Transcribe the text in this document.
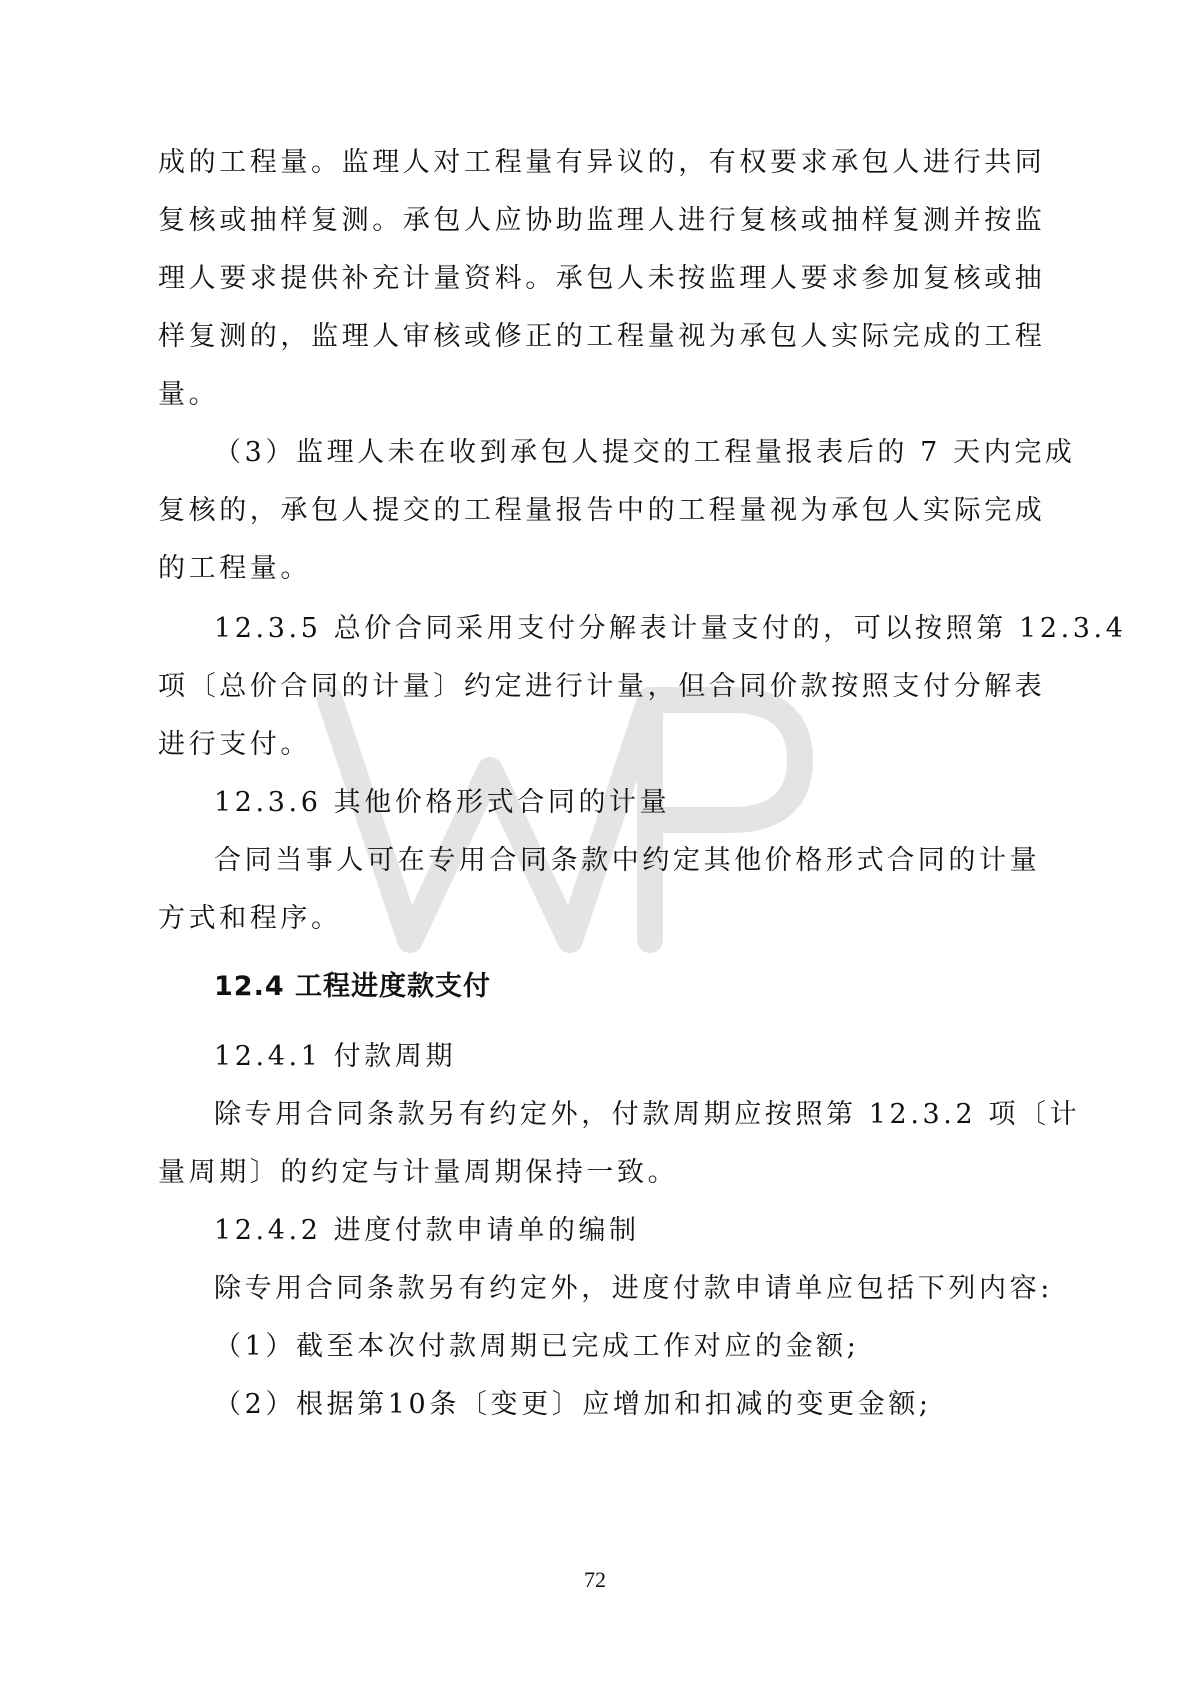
成的工程量。监理人对工程量有异议的，有权要求承包人进行共同
复核或抽样复测。承包人应协助监理人进行复核或抽样复测并按监
理人要求提供补充计量资料。承包人未按监理人要求参加复核或抽
样复测的，监理人审核或修正的工程量视为承包人实际完成的工程
量。
（3）监理人未在收到承包人提交的工程量报表后的 7 天内完成
复核的，承包人提交的工程量报告中的工程量视为承包人实际完成
的工程量。
12.3.5 总价合同采用支付分解表计量支付的，可以按照第 12.3.4
项〔总价合同的计量〕约定进行计量，但合同价款按照支付分解表
进行支付。
12.3.6 其他价格形式合同的计量
合同当事人可在专用合同条款中约定其他价格形式合同的计量
方式和程序。
12.4 工程进度款支付
12.4.1 付款周期
除专用合同条款另有约定外，付款周期应按照第 12.3.2 项〔计
量周期〕的约定与计量周期保持一致。
12.4.2 进度付款申请单的编制
除专用合同条款另有约定外，进度付款申请单应包括下列内容:
（1）截至本次付款周期已完成工作对应的金额;
（2）根据第10条〔变更〕应增加和扣减的变更金额;
72
